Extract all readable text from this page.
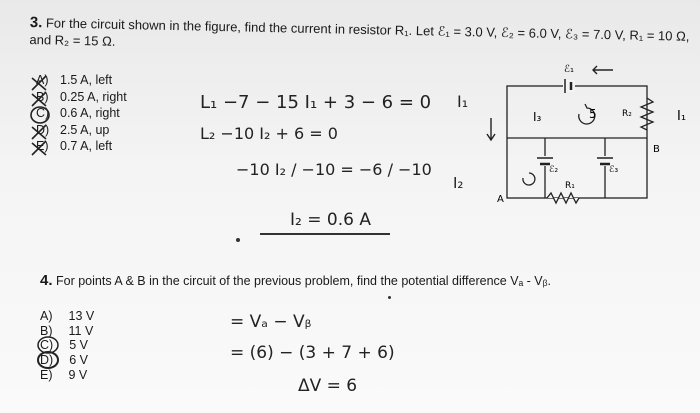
3. For the circuit shown in the figure, find the current in resistor R₁. Let ℰ₁ = 3.0 V, ℰ₂ = 6.0 V, ℰ₃ = 7.0 V, R₁ = 10 Ω, and R₂ = 15 Ω.
A) 1.5 A, left
B) 0.25 A, right
C) 0.6 A, right
D) 2.5 A, up
E) 0.7 A, left
L₁ −7 − 15 I₁ + 3 − 6 = 0 I₁
L₂ −10 I₂ + 6 = 0
−10 I₂ / −10 = −6 / −10
I₂
I₂ = 0.6 A
ℰ₁
R₂
ℰ₂	ℰ₃
R₁
A
B
I₃	5	I₁
4. For points A & B in the circuit of the previous problem, find the potential difference Vₐ - Vᵦ.
A) 13 V
B) 11 V
C) 5 V
D) 6 V
E) 9 V
= Vₐ − Vᵦ
= (6) − (3 + 7 + 6)
ΔV = 6
